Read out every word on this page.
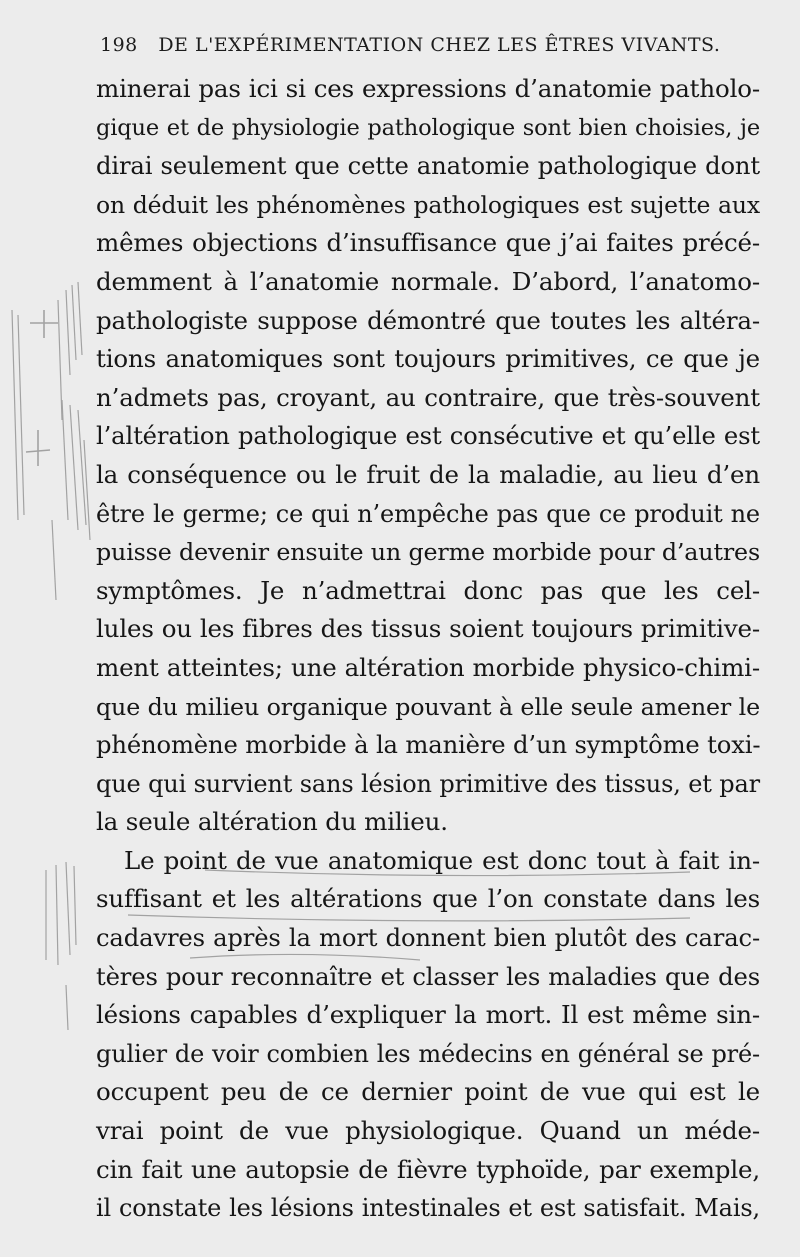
198 DE L'EXPÉRIMENTATION CHEZ LES ÊTRES VIVANTS.
minerai pas ici si ces expressions d’anatomie patholo-
gique et de physiologie pathologique sont bien choisies, je
dirai seulement que cette anatomie pathologique dont
on déduit les phénomènes pathologiques est sujette aux
mêmes objections d’insuffisance que j’ai faites précé-
demment à l’anatomie normale. D’abord, l’anatomo-
pathologiste suppose démontré que toutes les altéra-
tions anatomiques sont toujours primitives, ce que je
n’admets pas, croyant, au contraire, que très-souvent
l’altération pathologique est consécutive et qu’elle est
la conséquence ou le fruit de la maladie, au lieu d’en
être le germe; ce qui n’empêche pas que ce produit ne
puisse devenir ensuite un germe morbide pour d’autres
symptômes. Je n’admettrai donc pas que les cel-
lules ou les fibres des tissus soient toujours primitive-
ment atteintes; une altération morbide physico-chimi-
que du milieu organique pouvant à elle seule amener le
phénomène morbide à la manière d’un symptôme toxi-
que qui survient sans lésion primitive des tissus, et par
la seule altération du milieu.
Le point de vue anatomique est donc tout à fait in-
suffisant et les altérations que l’on constate dans les
cadavres après la mort donnent bien plutôt des carac-
tères pour reconnaître et classer les maladies que des
lésions capables d’expliquer la mort. Il est même sin-
gulier de voir combien les médecins en général se pré-
occupent peu de ce dernier point de vue qui est le
vrai point de vue physiologique. Quand un méde-
cin fait une autopsie de fièvre typhoïde, par exemple,
il constate les lésions intestinales et est satisfait. Mais,
